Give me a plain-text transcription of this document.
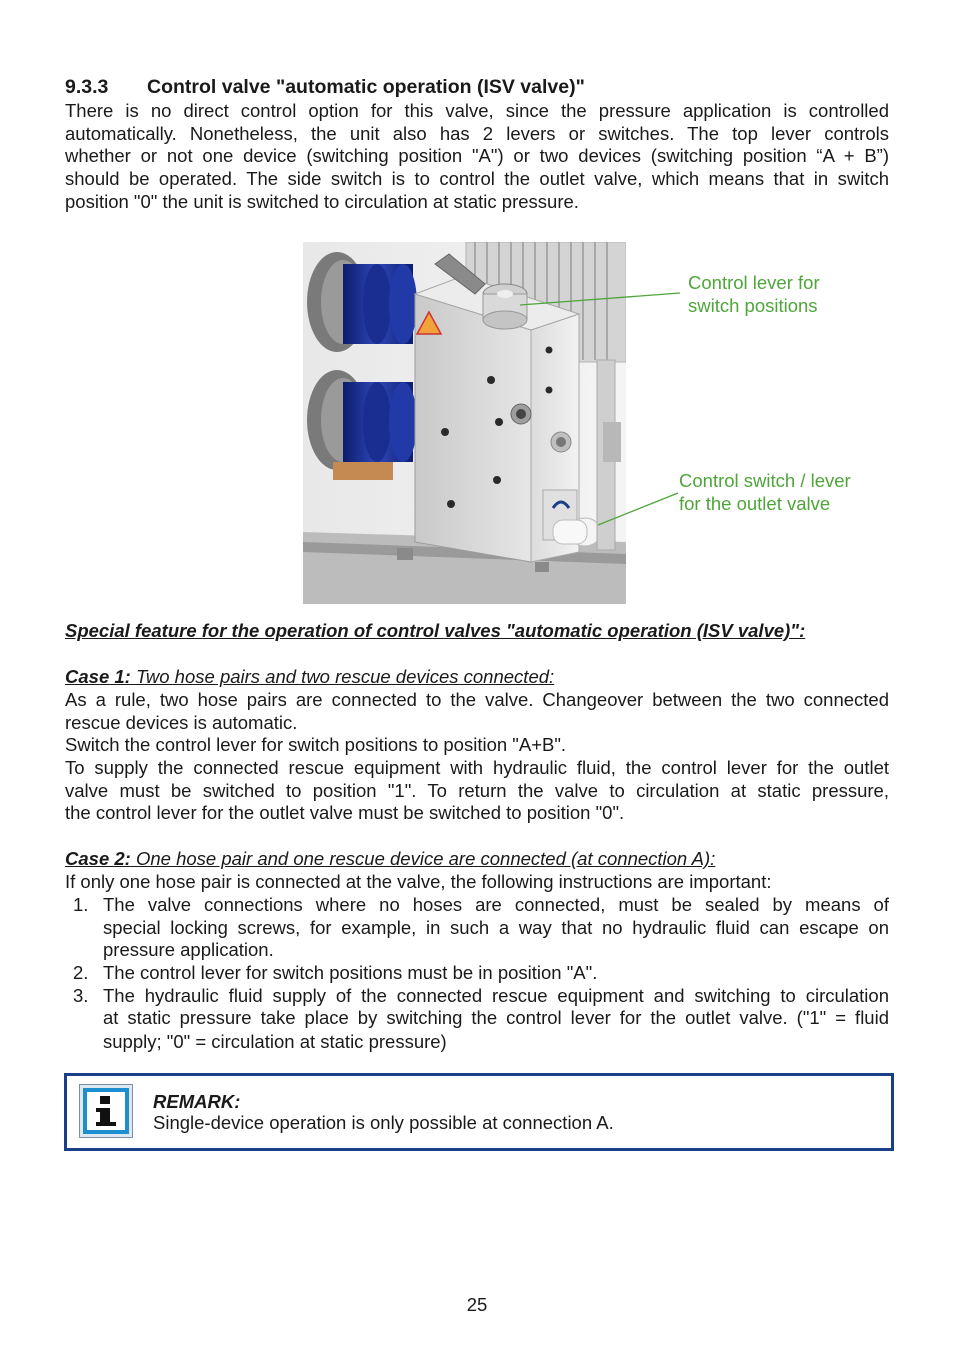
9.3.3 Control valve "automatic operation (ISV valve)"
There is no direct control option for this valve, since the pressure application is controlled
automatically. Nonetheless, the unit also has 2 levers or switches. The top lever controls
whether or not one device (switching position "A") or two devices (switching position “A + B”)
should be operated. The side switch is to control the outlet valve, which means that in switch
position "0" the unit is switched to circulation at static pressure.
Control lever for
switch positions
Control switch / lever
for the outlet valve
Special feature for the operation of control valves "automatic operation (ISV valve)":
Case 1: Two hose pairs and two rescue devices connected:
As a rule, two hose pairs are connected to the valve. Changeover between the two connected
rescue devices is automatic.
Switch the control lever for switch positions to position "A+B".
To supply the connected rescue equipment with hydraulic fluid, the control lever for the outlet
valve must be switched to position "1". To return the valve to circulation at static pressure,
the control lever for the outlet valve must be switched to position "0".
Case 2: One hose pair and one rescue device are connected (at connection A):
If only one hose pair is connected at the valve, the following instructions are important:
1. The valve connections where no hoses are connected, must be sealed by means of
special locking screws, for example, in such a way that no hydraulic fluid can escape on
pressure application.
2. The control lever for switch positions must be in position "A".
3. The hydraulic fluid supply of the connected rescue equipment and switching to circulation
at static pressure take place by switching the control lever for the outlet valve. ("1" = fluid
supply; "0" = circulation at static pressure)
REMARK:
Single-device operation is only possible at connection A.
25
